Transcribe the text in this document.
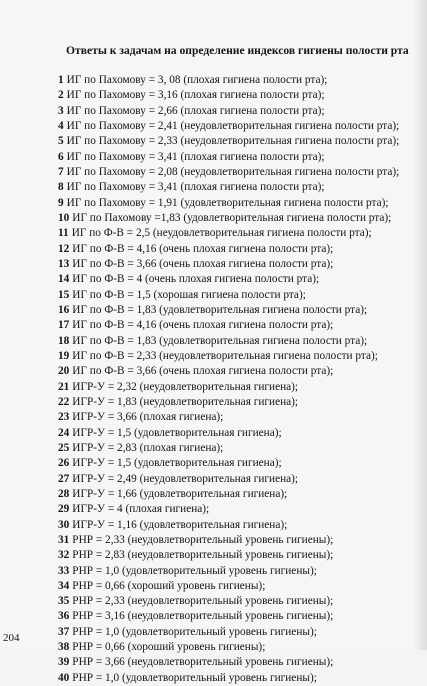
Ответы к задачам на определение индексов гигиены полости рта
1 ИГ по Пахомову = 3, 08 (плохая гигиена полости рта);
2 ИГ по Пахомову = 3,16 (плохая гигиена полости рта);
3 ИГ по Пахомову = 2,66 (плохая гигиена полости рта);
4 ИГ по Пахомову = 2,41 (неудовлетворительная гигиена полости рта);
5 ИГ по Пахомову = 2,33 (неудовлетворительная гигиена полости рта);
6 ИГ по Пахомову = 3,41 (плохая гигиена полости рта);
7 ИГ по Пахомову = 2,08 (неудовлетворительная гигиена полости рта);
8 ИГ по Пахомову = 3,41 (плохая гигиена полости рта);
9 ИГ по Пахомову = 1,91 (удовлетворительная гигиена полости рта);
10 ИГ по Пахомову =1,83 (удовлетворительная гигиена полости рта);
11 ИГ по Ф-В = 2,5 (неудовлетворительная гигиена полости рта);
12 ИГ по Ф-В = 4,16 (очень плохая гигиена полости рта);
13 ИГ по Ф-В = 3,66 (очень плохая гигиена полости рта);
14 ИГ по Ф-В = 4 (очень плохая гигиена полости рта);
15 ИГ по Ф-В = 1,5 (хорошая гигиена полости рта);
16 ИГ по Ф-В = 1,83 (удовлетворительная гигиена полости рта);
17 ИГ по Ф-В = 4,16 (очень плохая гигиена полости рта);
18 ИГ по Ф-В = 1,83 (удовлетворительная гигиена полости рта);
19 ИГ по Ф-В = 2,33 (неудовлетворительная гигиена полости рта);
20 ИГ по Ф-В = 3,66 (очень плохая гигиена полости рта);
21 ИГР-У = 2,32 (неудовлетворительная гигиена);
22 ИГР-У = 1,83 (неудовлетворительная гигиена);
23 ИГР-У = 3,66 (плохая гигиена);
24 ИГР-У = 1,5 (удовлетворительная гигиена);
25 ИГР-У = 2,83 (плохая гигиена);
26 ИГР-У = 1,5 (удовлетворительная гигиена);
27 ИГР-У = 2,49 (неудовлетворительная гигиена);
28 ИГР-У = 1,66 (удовлетворительная гигиена);
29 ИГР-У = 4 (плохая гигиена);
30 ИГР-У = 1,16 (удовлетворительная гигиена);
31 РНР = 2,33 (неудовлетворительный уровень гигиены);
32 РНР = 2,83 (неудовлетворительный уровень гигиены);
33 РНР = 1,0 (удовлетворительный уровень гигиены);
34 РНР = 0,66 (хороший уровень гигиены);
35 РНР = 2,33 (неудовлетворительный уровень гигиены);
36 РНР = 3,16 (неудовлетворительный уровень гигиены);
37 РНР = 1,0 (удовлетворительный уровень гигиены);
38 РНР = 0,66 (хороший уровень гигиены);
39 РНР = 3,66 (неудовлетворительный уровень гигиены);
40 РНР = 1,0 (удовлетворительный уровень гигиены);
204
